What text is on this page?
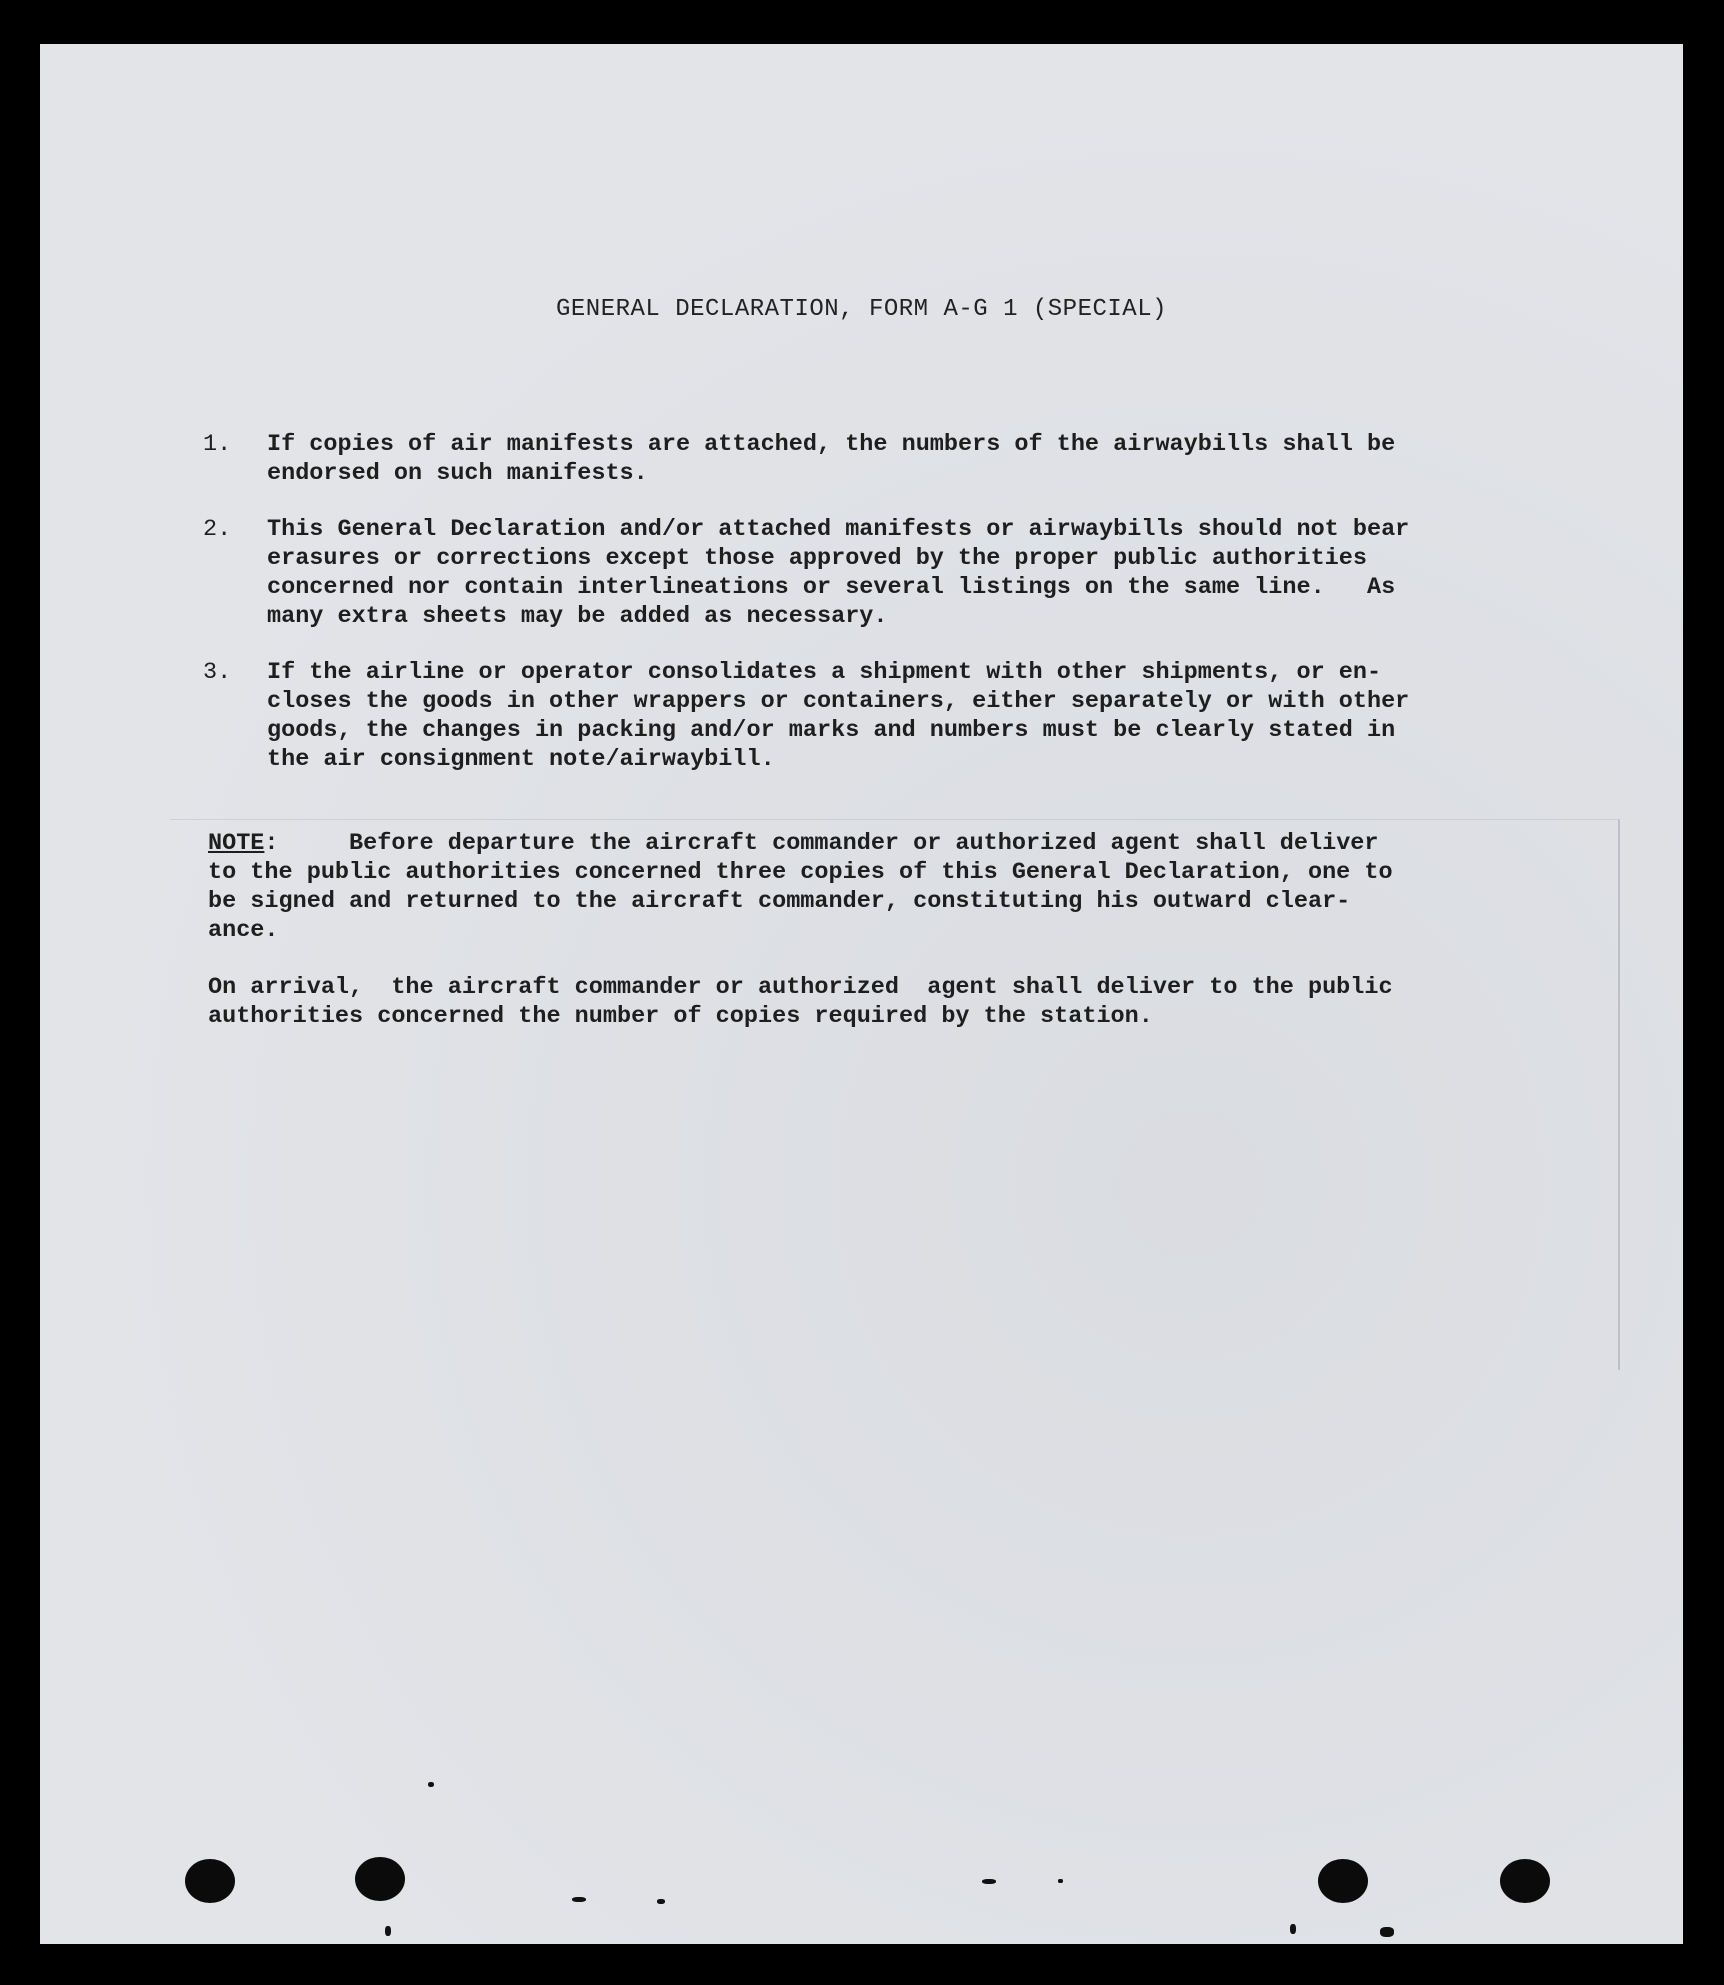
GENERAL DECLARATION, FORM A-G 1 (SPECIAL)
1.	If copies of air manifests are attached, the numbers of the airwaybills shall be
endorsed on such manifests.
2.	This General Declaration and/or attached manifests or airwaybills should not bear
erasures or corrections except those approved by the proper public authorities
concerned nor contain interlineations or several listings on the same line.   As
many extra sheets may be added as necessary.
3.	If the airline or operator consolidates a shipment with other shipments, or en-
closes the goods in other wrappers or containers, either separately or with other
goods, the changes in packing and/or marks and numbers must be clearly stated in
the air consignment note/airwaybill.
NOTE:     Before departure the aircraft commander or authorized agent shall deliver
to the public authorities concerned three copies of this General Declaration, one to
be signed and returned to the aircraft commander, constituting his outward clear-
ance.
On arrival,  the aircraft commander or authorized  agent shall deliver to the public
authorities concerned the number of copies required by the station.
